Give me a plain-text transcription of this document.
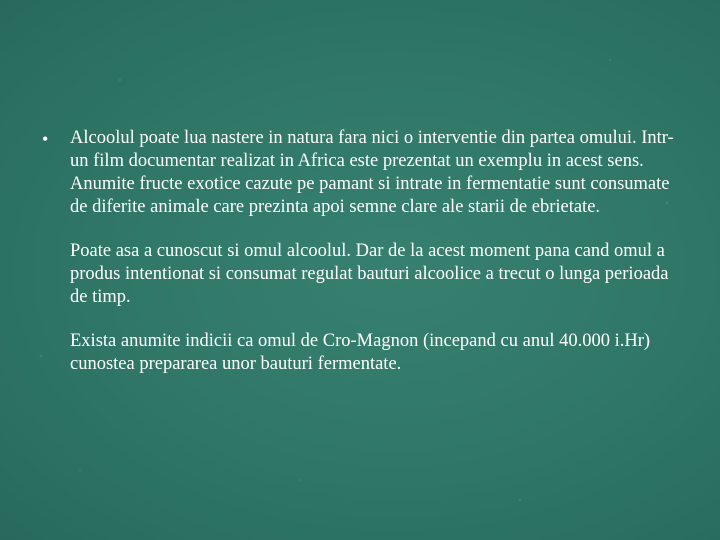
• Alcoolul poate lua nastere in natura fara nici o interventie din partea omului. Intr-un film documentar realizat in Africa este prezentat un exemplu in acest sens. Anumite fructe exotice cazute pe pamant si intrate in fermentatie sunt consumate de diferite animale care prezinta apoi semne clare ale starii de ebrietate.

Poate asa a cunoscut si omul alcoolul. Dar de la acest moment pana cand omul a produs intentionat si consumat regulat bauturi alcoolice a trecut o lunga perioada de timp.

Exista anumite indicii ca omul de Cro-Magnon (incepand cu anul 40.000 i.Hr) cunostea prepararea unor bauturi fermentate.
